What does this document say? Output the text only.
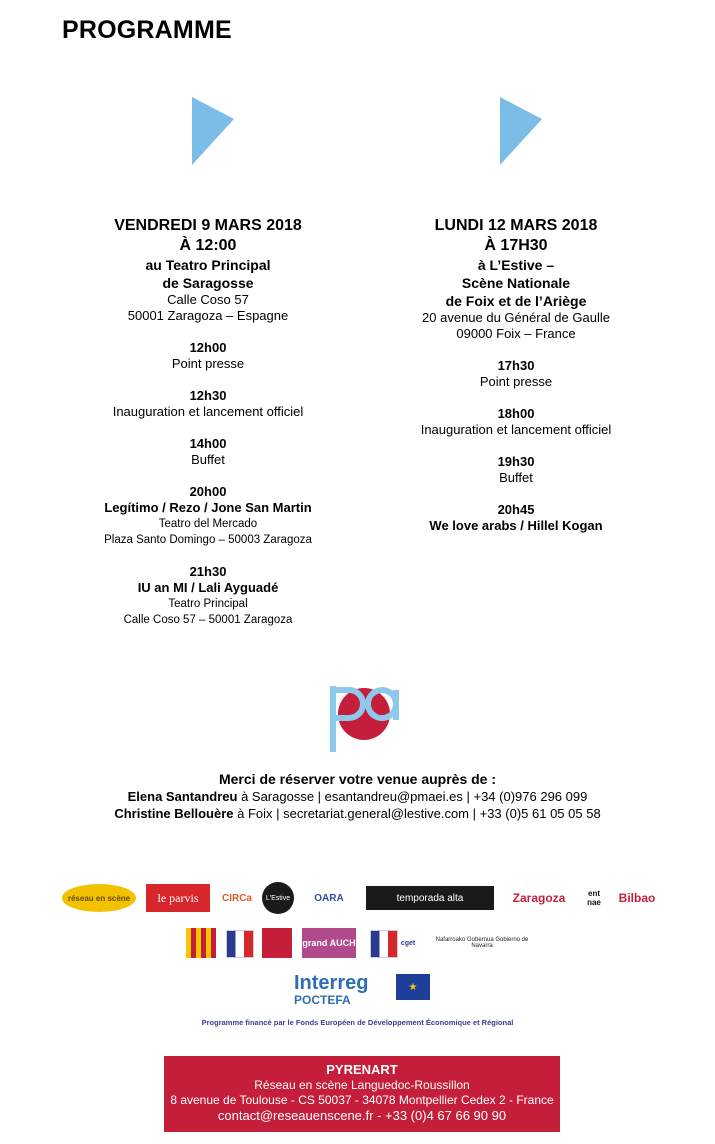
PROGRAMME
VENDREDI 9 MARS 2018
À 12:00
au Teatro Principal
de Saragosse
Calle Coso 57
50001 Zaragoza – Espagne
12h00
Point presse
12h30
Inauguration et lancement officiel
14h00
Buffet
20h00
Legítimo / Rezo / Jone San Martin
Teatro del Mercado
Plaza Santo Domingo – 50003 Zaragoza
21h30
IU an MI / Lali Ayguadé
Teatro Principal
Calle Coso 57 – 50001 Zaragoza
LUNDI 12 MARS 2018
À 17H30
à L’Estive –
Scène Nationale
de Foix et de l’Ariège
20 avenue du Général de Gaulle
09000 Foix – France
17h30
Point presse
18h00
Inauguration et lancement officiel
19h30
Buffet
20h45
We love arabs / Hillel Kogan
Merci de réserver votre venue auprès de :
Elena Santandreu à Saragosse | esantandreu@pmaei.es | +34 (0)976 296 099
Christine Bellouère à Foix | secretariat.general@lestive.com | +33 (0)5 61 05 05 58
réseau en scène	le parvis	CIRCa	L'Estive	OARA	temporada alta	Zaragoza	ent nae	Bilbao
grand AUCH	cget	Nafarroako Gobernua Gobierno de Navarra
Interreg
POCTEFA
★
Programme financé par le Fonds Européen de Développement Économique et Régional
PYRENART
Réseau en scène Languedoc-Roussillon
8 avenue de Toulouse - CS 50037 - 34078 Montpellier Cedex 2 - France
contact@reseauenscene.fr - +33 (0)4 67 66 90 90
